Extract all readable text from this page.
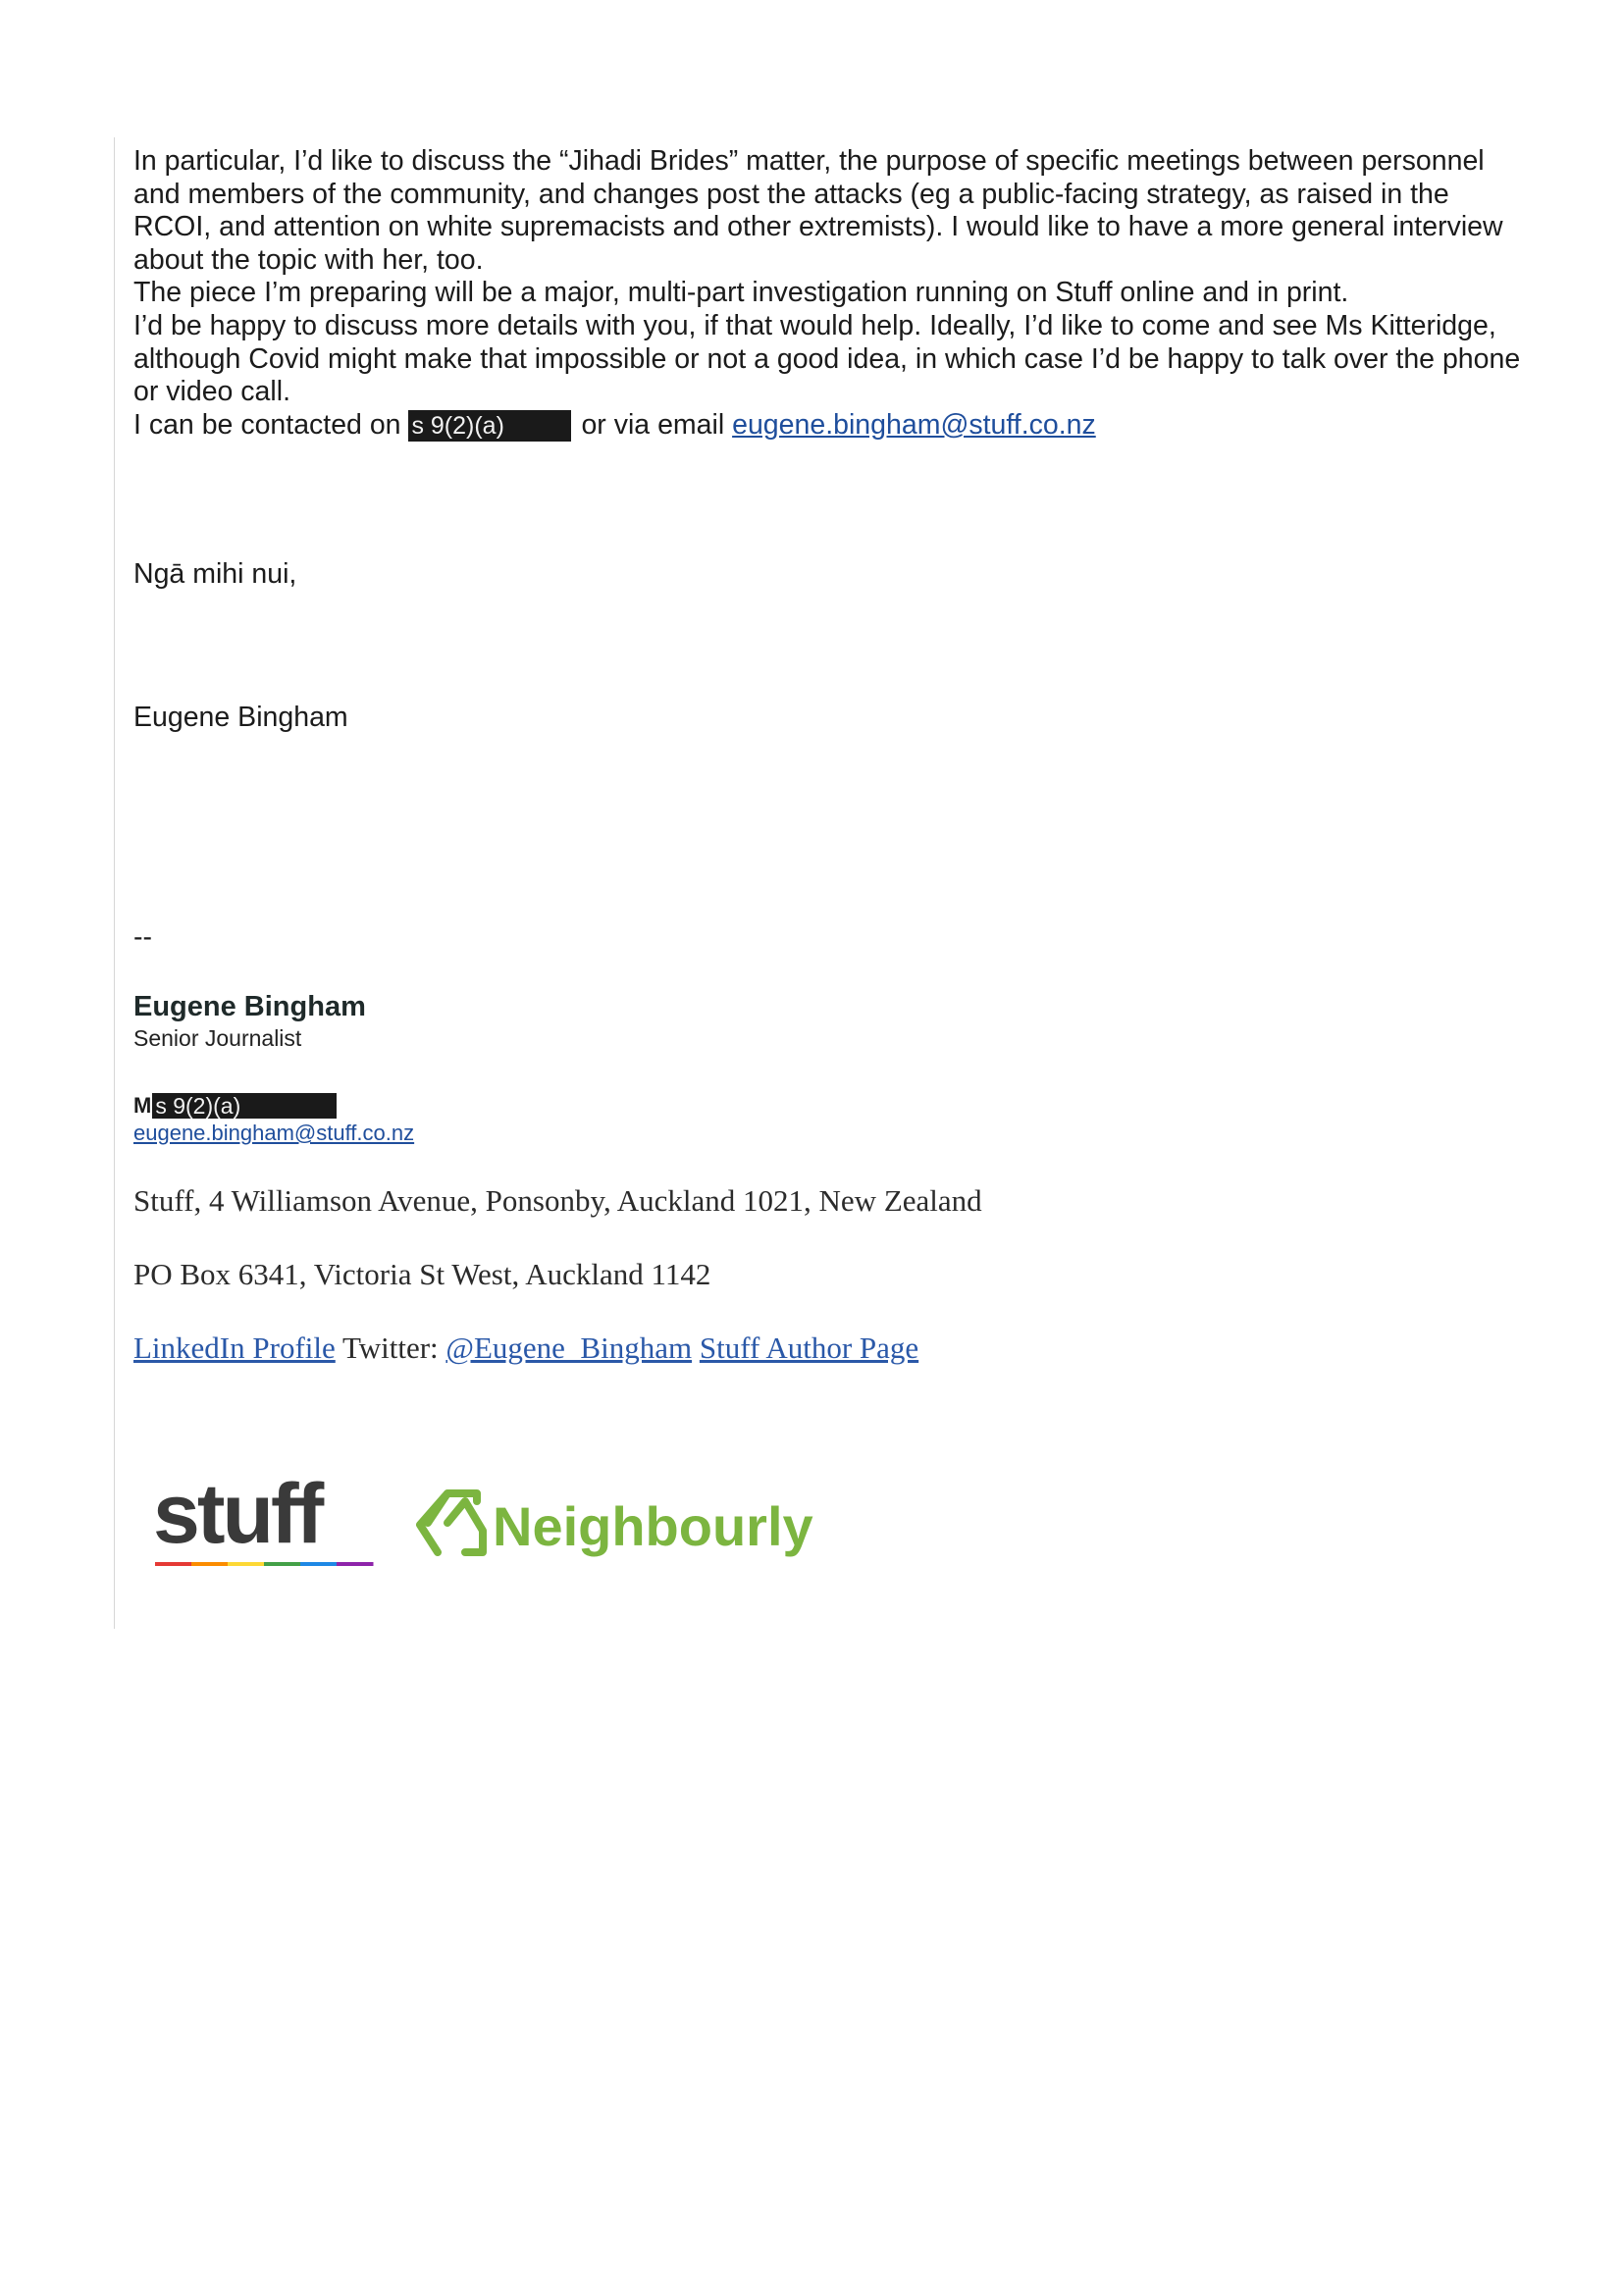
In particular, I’d like to discuss the “Jihadi Brides” matter, the purpose of specific meetings between personnel and members of the community, and changes post the attacks (eg a public-facing strategy, as raised in the RCOI, and attention on white supremacists and other extremists). I would like to have a more general interview about the topic with her, too.

The piece I’m preparing will be a major, multi-part investigation running on Stuff online and in print.

I’d be happy to discuss more details with you, if that would help. Ideally, I’d like to come and see Ms Kitteridge, although Covid might make that impossible or not a good idea, in which case I’d be happy to talk over the phone or video call.

I can be contacted on s 9(2)(a)	or via email eugene.bingham@stuff.co.nz

Ngā mihi nui,
Eugene Bingham
--
Eugene Bingham
Senior Journalist
M s 9(2)(a)
eugene.bingham@stuff.co.nz
Stuff, 4 Williamson Avenue, Ponsonby, Auckland 1021, New Zealand
PO Box 6341, Victoria St West, Auckland 1142
LinkedIn Profile Twitter: @Eugene_Bingham Stuff Author Page
stuff	Neighbourly
